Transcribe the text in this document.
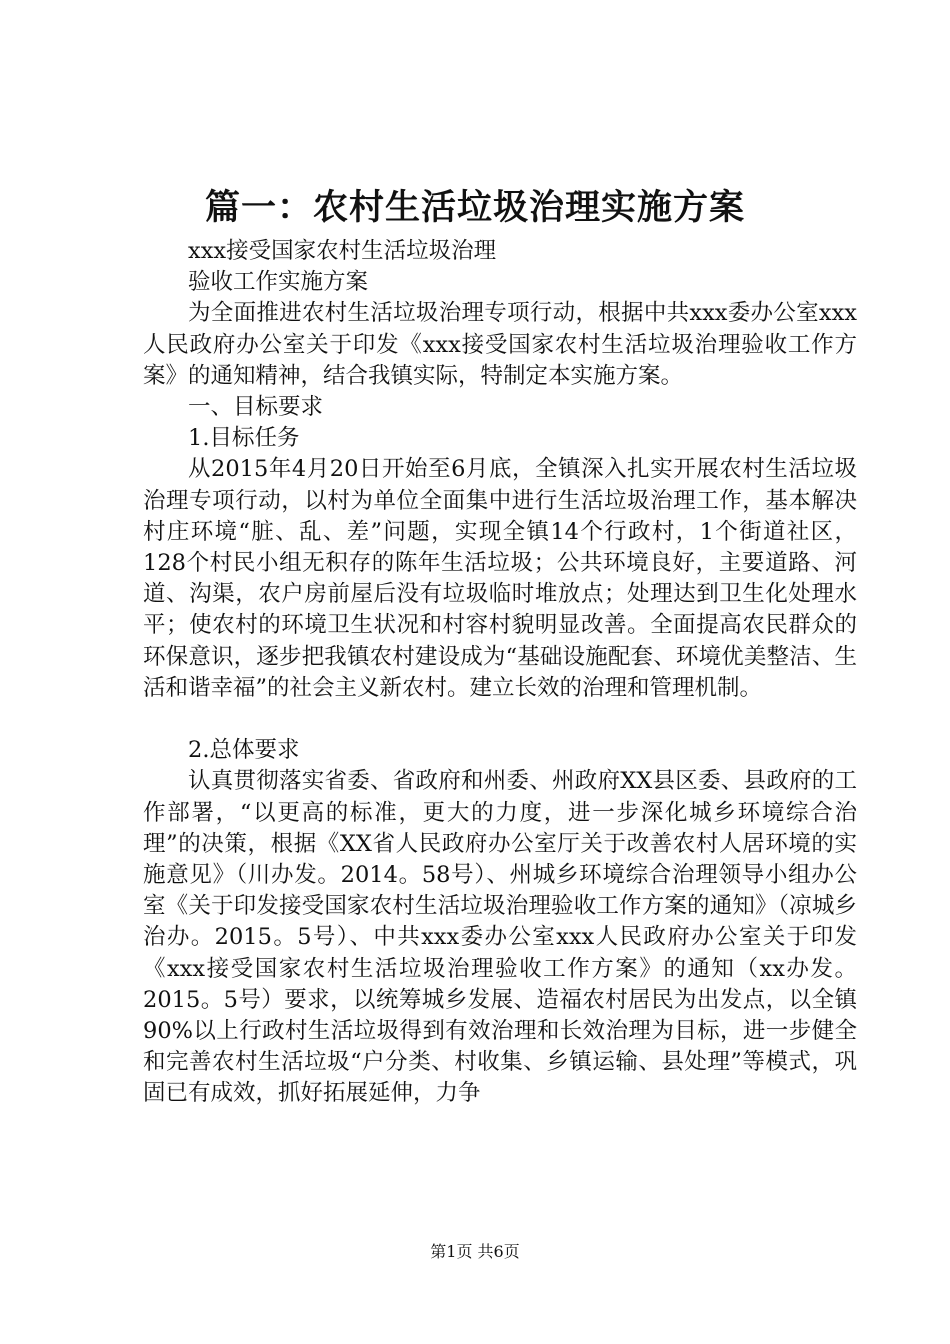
篇一：农村生活垃圾治理实施方案

xxx接受国家农村生活垃圾治理

验收工作实施方案

为全面推进农村生活垃圾治理专项行动，根据中共xxx委办公室xxx人民政府办公室关于印发《xxx接受国家农村生活垃圾治理验收工作方案》的通知精神，结合我镇实际，特制定本实施方案。

一、目标要求

1.目标任务

从2015年4月20日开始至6月底，全镇深入扎实开展农村生活垃圾治理专项行动，以村为单位全面集中进行生活垃圾治理工作，基本解决村庄环境“脏、乱、差”问题，实现全镇14个行政村，1个街道社区，128个村民小组无积存的陈年生活垃圾；公共环境良好，主要道路、河道、沟渠，农户房前屋后没有垃圾临时堆放点；处理达到卫生化处理水平；使农村的环境卫生状况和村容村貌明显改善。全面提高农民群众的环保意识，逐步把我镇农村建设成为“基础设施配套、环境优美整洁、生活和谐幸福”的社会主义新农村。建立长效的治理和管理机制。

2.总体要求

认真贯彻落实省委、省政府和州委、州政府XX县区委、县政府的工作部署，“以更高的标准，更大的力度，进一步深化城乡环境综合治理”的决策，根据《XX省人民政府办公室厅关于改善农村人居环境的实施意见》（川办发。2014。58号）、州城乡环境综合治理领导小组办公室《关于印发接受国家农村生活垃圾治理验收工作方案的通知》（凉城乡治办。2015。5号）、中共xxx委办公室xxx人民政府办公室关于印发《xxx接受国家农村生活垃圾治理验收工作方案》的通知（xx办发。2015。5号）要求，以统筹城乡发展、造福农村居民为出发点，以全镇90%以上行政村生活垃圾得到有效治理和长效治理为目标，进一步健全和完善农村生活垃圾“户分类、村收集、乡镇运输、县处理”等模式，巩固已有成效，抓好拓展延伸，力争

第1页 共6页
